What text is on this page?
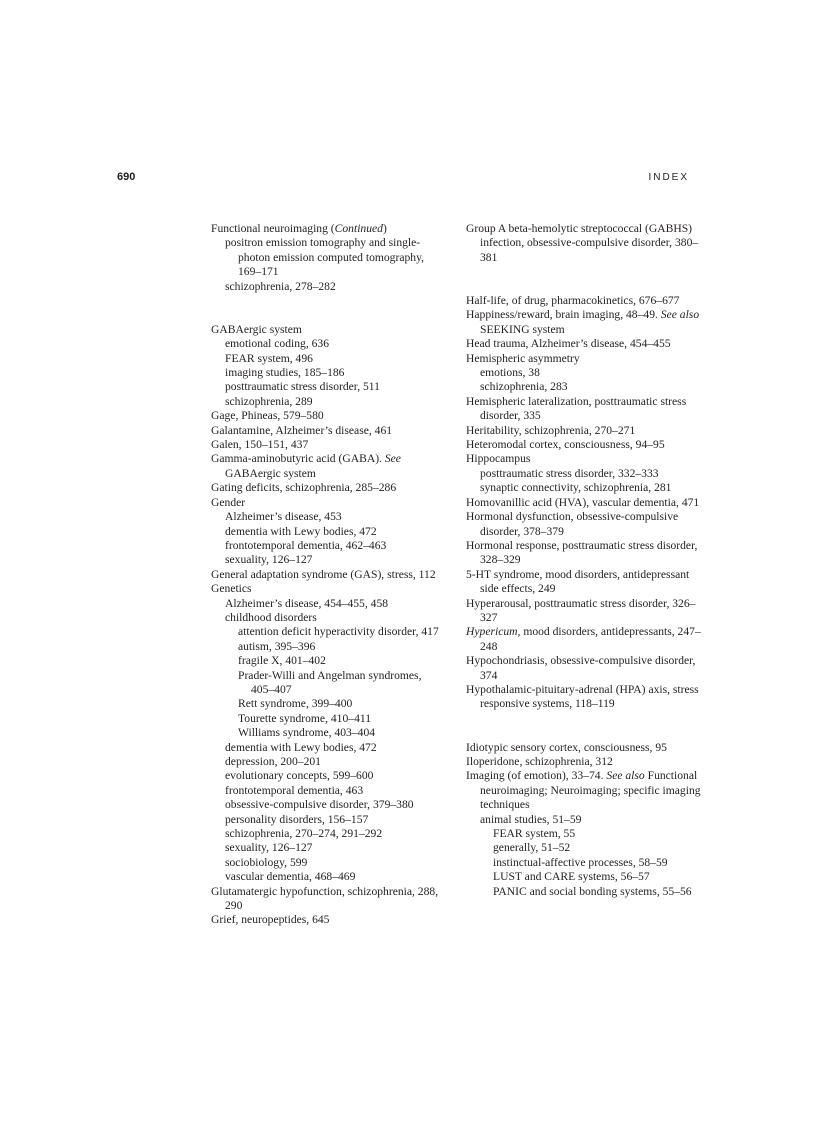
690	INDEX

Functional neuroimaging (Continued)

positron emission tomography and single-photon emission computed tomography, 169–171

schizophrenia, 278–282

GABAergic system

emotional coding, 636

FEAR system, 496

imaging studies, 185–186

posttraumatic stress disorder, 511

schizophrenia, 289

Gage, Phineas, 579–580

Galantamine, Alzheimer’s disease, 461

Galen, 150–151, 437

Gamma-aminobutyric acid (GABA). See GABAergic system

Gating deficits, schizophrenia, 285–286

Gender

Alzheimer’s disease, 453

dementia with Lewy bodies, 472

frontotemporal dementia, 462–463

sexuality, 126–127

General adaptation syndrome (GAS), stress, 112

Genetics

Alzheimer’s disease, 454–455, 458

childhood disorders

attention deficit hyperactivity disorder, 417

autism, 395–396

fragile X, 401–402

Prader-Willi and Angelman syndromes, 405–407

Rett syndrome, 399–400

Tourette syndrome, 410–411

Williams syndrome, 403–404

dementia with Lewy bodies, 472

depression, 200–201

evolutionary concepts, 599–600

frontotemporal dementia, 463

obsessive-compulsive disorder, 379–380

personality disorders, 156–157

schizophrenia, 270–274, 291–292

sexuality, 126–127

sociobiology, 599

vascular dementia, 468–469

Glutamatergic hypofunction, schizophrenia, 288, 290

Grief, neuropeptides, 645

Group A beta-hemolytic streptococcal (GABHS) infection, obsessive-compulsive disorder, 380–381

Half-life, of drug, pharmacokinetics, 676–677

Happiness/reward, brain imaging, 48–49. See also SEEKING system

Head trauma, Alzheimer’s disease, 454–455

Hemispheric asymmetry

emotions, 38

schizophrenia, 283

Hemispheric lateralization, posttraumatic stress disorder, 335

Heritability, schizophrenia, 270–271

Heteromodal cortex, consciousness, 94–95

Hippocampus

posttraumatic stress disorder, 332–333

synaptic connectivity, schizophrenia, 281

Homovanillic acid (HVA), vascular dementia, 471

Hormonal dysfunction, obsessive-compulsive disorder, 378–379

Hormonal response, posttraumatic stress disorder, 328–329

5-HT syndrome, mood disorders, antidepressant side effects, 249

Hyperarousal, posttraumatic stress disorder, 326–327

Hypericum, mood disorders, antidepressants, 247–248

Hypochondriasis, obsessive-compulsive disorder, 374

Hypothalamic-pituitary-adrenal (HPA) axis, stress responsive systems, 118–119

Idiotypic sensory cortex, consciousness, 95

Iloperidone, schizophrenia, 312

Imaging (of emotion), 33–74. See also Functional neuroimaging; Neuroimaging; specific imaging techniques

animal studies, 51–59

FEAR system, 55

generally, 51–52

instinctual-affective processes, 58–59

LUST and CARE systems, 56–57

PANIC and social bonding systems, 55–56
